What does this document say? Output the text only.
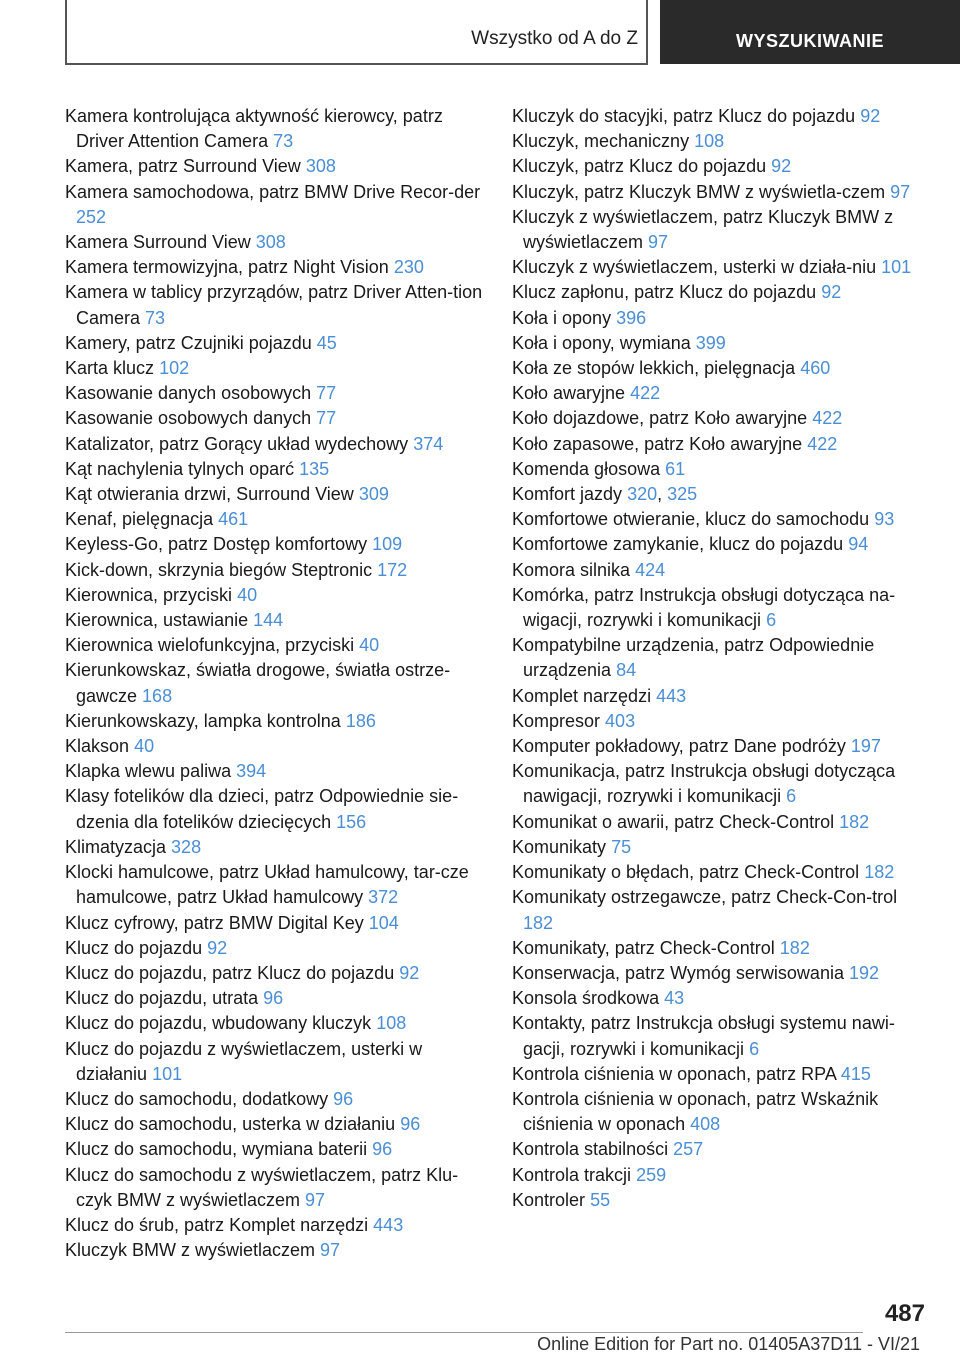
Wszystko od A do Z	WYSZUKIWANIE

Kamera kontrolująca aktywność kierowcy, patrz Driver Attention Camera 73

Kamera, patrz Surround View 308

Kamera samochodowa, patrz BMW Drive Recor-der 252

Kamera Surround View 308

Kamera termowizyjna, patrz Night Vision 230

Kamera w tablicy przyrządów, patrz Driver Atten-tion Camera 73

Kamery, patrz Czujniki pojazdu 45

Karta klucz 102

Kasowanie danych osobowych 77

Kasowanie osobowych danych 77

Katalizator, patrz Gorący układ wydechowy 374

Kąt nachylenia tylnych oparć 135

Kąt otwierania drzwi, Surround View 309

Kenaf, pielęgnacja 461

Keyless-Go, patrz Dostęp komfortowy 109

Kick-down, skrzynia biegów Steptronic 172

Kierownica, przyciski 40

Kierownica, ustawianie 144

Kierownica wielofunkcyjna, przyciski 40

Kierunkowskaz, światła drogowe, światła ostrze-gawcze 168

Kierunkowskazy, lampka kontrolna 186

Klakson 40

Klapka wlewu paliwa 394

Klasy fotelików dla dzieci, patrz Odpowiednie sie-dzenia dla fotelików dziecięcych 156

Klimatyzacja 328

Klocki hamulcowe, patrz Układ hamulcowy, tar-cze hamulcowe, patrz Układ hamulcowy 372

Klucz cyfrowy, patrz BMW Digital Key 104

Klucz do pojazdu 92

Klucz do pojazdu, patrz Klucz do pojazdu 92

Klucz do pojazdu, utrata 96

Klucz do pojazdu, wbudowany kluczyk 108

Klucz do pojazdu z wyświetlaczem, usterki w działaniu 101

Klucz do samochodu, dodatkowy 96

Klucz do samochodu, usterka w działaniu 96

Klucz do samochodu, wymiana baterii 96

Klucz do samochodu z wyświetlaczem, patrz Klu-czyk BMW z wyświetlaczem 97

Klucz do śrub, patrz Komplet narzędzi 443

Kluczyk BMW z wyświetlaczem 97

Kluczyk do stacyjki, patrz Klucz do pojazdu 92

Kluczyk, mechaniczny 108

Kluczyk, patrz Klucz do pojazdu 92

Kluczyk, patrz Kluczyk BMW z wyświetla-czem 97

Kluczyk z wyświetlaczem, patrz Kluczyk BMW z wyświetlaczem 97

Kluczyk z wyświetlaczem, usterki w działa-niu 101

Klucz zapłonu, patrz Klucz do pojazdu 92

Koła i opony 396

Koła i opony, wymiana 399

Koła ze stopów lekkich, pielęgnacja 460

Koło awaryjne 422

Koło dojazdowe, patrz Koło awaryjne 422

Koło zapasowe, patrz Koło awaryjne 422

Komenda głosowa 61

Komfort jazdy 320, 325

Komfortowe otwieranie, klucz do samochodu 93

Komfortowe zamykanie, klucz do pojazdu 94

Komora silnika 424

Komórka, patrz Instrukcja obsługi dotycząca na-wigacji, rozrywki i komunikacji 6

Kompatybilne urządzenia, patrz Odpowiednie urządzenia 84

Komplet narzędzi 443

Kompresor 403

Komputer pokładowy, patrz Dane podróży 197

Komunikacja, patrz Instrukcja obsługi dotycząca nawigacji, rozrywki i komunikacji 6

Komunikat o awarii, patrz Check-Control 182

Komunikaty 75

Komunikaty o błędach, patrz Check-Control 182

Komunikaty ostrzegawcze, patrz Check-Con-trol 182

Komunikaty, patrz Check-Control 182

Konserwacja, patrz Wymóg serwisowania 192

Konsola środkowa 43

Kontakty, patrz Instrukcja obsługi systemu nawi-gacji, rozrywki i komunikacji 6

Kontrola ciśnienia w oponach, patrz RPA 415

Kontrola ciśnienia w oponach, patrz Wskaźnik ciśnienia w oponach 408

Kontrola stabilności 257

Kontrola trakcji 259

Kontroler 55

487
Online Edition for Part no. 01405A37D11 - VI/21
